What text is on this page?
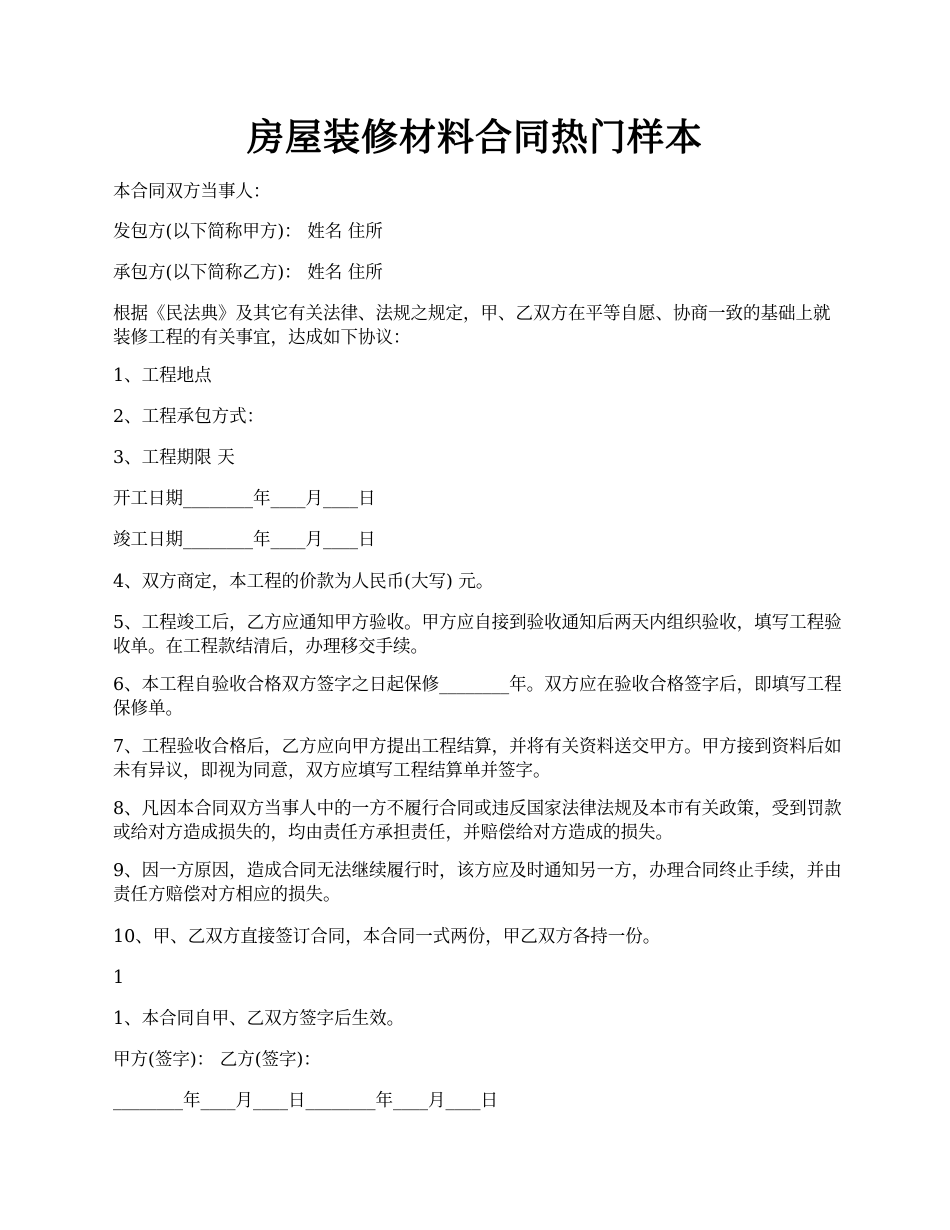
房屋装修材料合同热门样本

本合同双方当事人：

发包方(以下简称甲方)： 姓名 住所

承包方(以下简称乙方)： 姓名 住所

根据《民法典》及其它有关法律、法规之规定，甲、乙双方在平等自愿、协商一致的基础上就装修工程的有关事宜，达成如下协议：

1、工程地点

2、工程承包方式：

3、工程期限 天

开工日期________年____月____日

竣工日期________年____月____日

4、双方商定，本工程的价款为人民币(大写) 元。

5、工程竣工后，乙方应通知甲方验收。甲方应自接到验收通知后两天内组织验收，填写工程验收单。在工程款结清后，办理移交手续。

6、本工程自验收合格双方签字之日起保修________年。双方应在验收合格签字后，即填写工程保修单。

7、工程验收合格后，乙方应向甲方提出工程结算，并将有关资料送交甲方。甲方接到资料后如未有异议，即视为同意，双方应填写工程结算单并签字。

8、凡因本合同双方当事人中的一方不履行合同或违反国家法律法规及本市有关政策，受到罚款或给对方造成损失的，均由责任方承担责任，并赔偿给对方造成的损失。

9、因一方原因，造成合同无法继续履行时，该方应及时通知另一方，办理合同终止手续，并由责任方赔偿对方相应的损失。

10、甲、乙双方直接签订合同，本合同一式两份，甲乙双方各持一份。

1

1、本合同自甲、乙双方签字后生效。

甲方(签字)： 乙方(签字)：

________年____月____日________年____月____日
